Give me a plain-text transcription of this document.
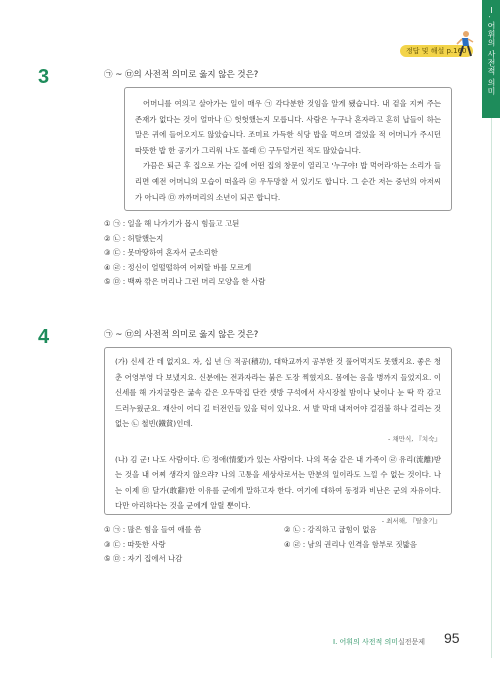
Ⅰ. 어휘의 사전적 의미
정답 및 해설 p.160
3	㉠ ~ ㉤의 사전적 의미로 옳지 않은 것은?

어머니를 여의고 살아가는 일이 매우 ㉠ 각다분한 것임을 알게 됐습니다. 내 겉을 지켜 주는 존재가 없다는 것이 얼마나 ㉡ 헛헛했는지 모릅니다. 사람은 누구나 혼자라고 흔히 납들이 하는 말은 귀에 들어오지도 않았습니다. 조미료 가득한 식당 밥을 먹으며 결었을 적 어머니가 주시던 따뜻한 밥 한 공기가 그리워 나도 몰래 ㉢ 구두덜거린 적도 많았습니다.

가끔은 퇴근 후 집으로 가는 길에 어떤 집의 창문이 열리고 '누구야! 밥 먹어라'하는 소리가 들리면 예전 어머니의 모습이 떠올라 ㉣ 우두망찰 서 있기도 합니다. 그 순간 저는 중년의 아저씨가 아니라 ㉤ 까까머리의 소년이 되곤 합니다.

① ㉠ : 일을 해 나가기가 몹시 힘들고 고된
② ㉡ : 허탈했는지
③ ㉢ : 못마땅하여 혼자서 군소리한
④ ㉣ : 정신이 얼떨떨하여 어찌할 바를 모르게
⑤ ㉤ : 백짜 깎은 머리나 그런 머리 모양을 한 사람
4	㉠ ~ ㉤의 사전적 의미로 옳지 않은 것은?
(가) 신세 간 데 없지요. 자, 십 년 ㉠ 적공(積功), 대학교까지 공부한 것 풀어먹지도 못했지요. 좋은 청춘 어영부영 다 보냈지요. 신분에는 전과자라는 붉은 도장 찍혔지요. 몸에는 음을 병까지 들었지요. 이 신세를 해 가지굴랑은 굶속 같은 오두막집 단칸 셋방 구석에서 사시장철 밤이나 낮이나 눈 딱 깍 감고 드러누웠군요. 재산이 어디 길 터전인들 있을 턱이 있나요. 서 발 막대 내저어야 걸검불 하나 걸리는 것 없는 ㉡ 철빈(鐵貧)인데.
- 채만식, 『치숙』
(나) 김 군! 나도 사람이다. ㉢ 정애(情愛)가 있는 사람이다. 나의 목숨 같은 내 가족이 ㉣ 유리(流離)받는 것을 내 어찌 생각지 않으랴? 나의 고통을 세상사로서는 만분의 일이라도 느낄 수 없는 것이다. 나는 이제 ㉤ 달가(敢辭)한 이유를 군에게 말하고자 한다. 여기에 대하여 동정과 비난은 군의 자유이다. 다만 아리하다는 것을 군에게 알릴 뿐이다.
- 최서해, 『탈출기』
① ㉠ : 많은 힘을 들여 애를 씀	② ㉡ : 강직하고 굽힘이 없음
③ ㉢ : 따뜻한 사랑	④ ㉣ : 남의 권리나 인격을 함부로 짓밟음
⑤ ㉤ : 자기 집에서 나감
Ⅰ. 어휘의 사전적 의미 실전문제 95
